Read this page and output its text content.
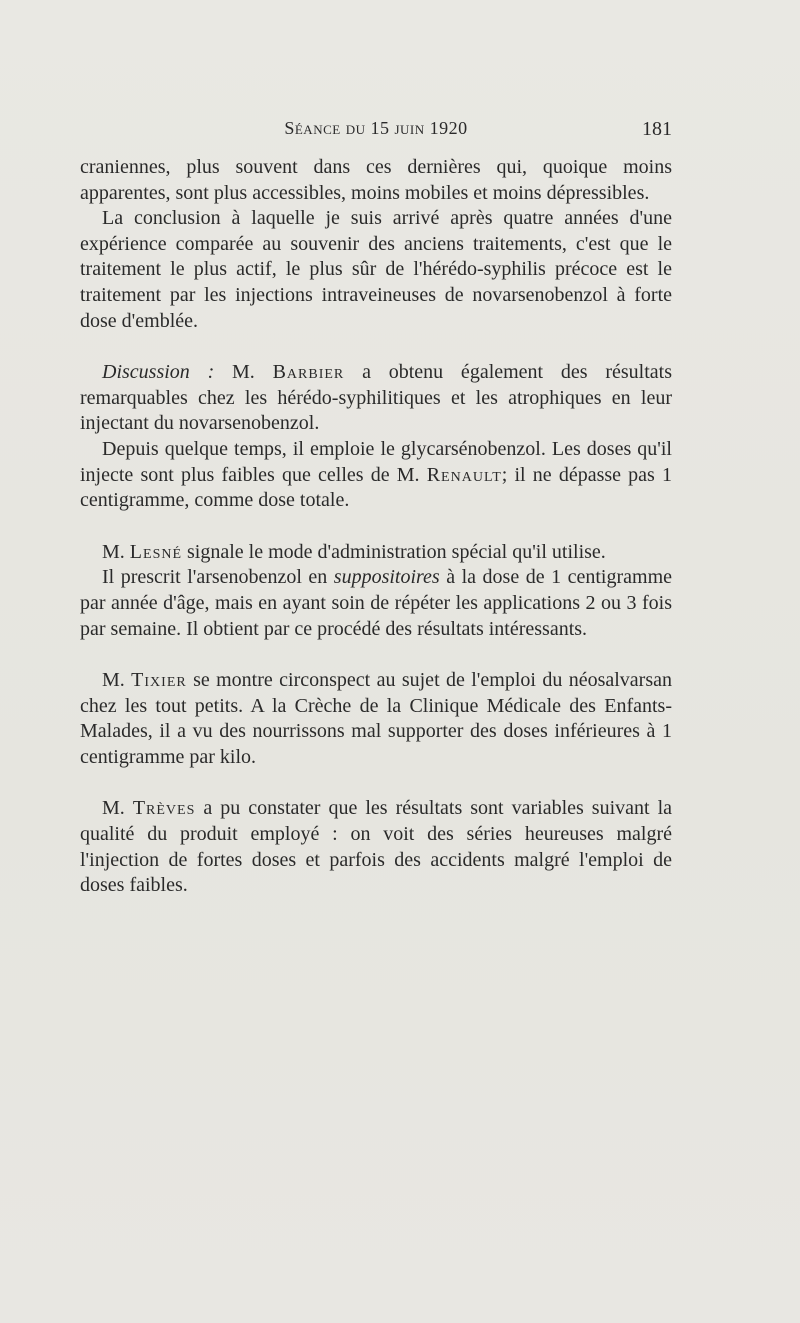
Séance du 15 juin 1920	181

craniennes, plus souvent dans ces dernières qui, quoique moins apparentes, sont plus accessibles, moins mobiles et moins dépressibles.

La conclusion à laquelle je suis arrivé après quatre années d'une expérience comparée au souvenir des anciens traitements, c'est que le traitement le plus actif, le plus sûr de l'hérédo-syphilis précoce est le traitement par les injections intraveineuses de novarsenobenzol à forte dose d'emblée.

Discussion : M. Barbier a obtenu également des résultats remarquables chez les hérédo-syphilitiques et les atrophiques en leur injectant du novarsenobenzol.

Depuis quelque temps, il emploie le glycarsénobenzol. Les doses qu'il injecte sont plus faibles que celles de M. Renault; il ne dépasse pas 1 centigramme, comme dose totale.

M. Lesné signale le mode d'administration spécial qu'il utilise.

Il prescrit l'arsenobenzol en suppositoires à la dose de 1 centigramme par année d'âge, mais en ayant soin de répéter les applications 2 ou 3 fois par semaine. Il obtient par ce procédé des résultats intéressants.

M. Tixier se montre circonspect au sujet de l'emploi du néosalvarsan chez les tout petits. A la Crèche de la Clinique Médicale des Enfants-Malades, il a vu des nourrissons mal supporter des doses inférieures à 1 centigramme par kilo.

M. Trèves a pu constater que les résultats sont variables suivant la qualité du produit employé : on voit des séries heureuses malgré l'injection de fortes doses et parfois des accidents malgré l'emploi de doses faibles.
